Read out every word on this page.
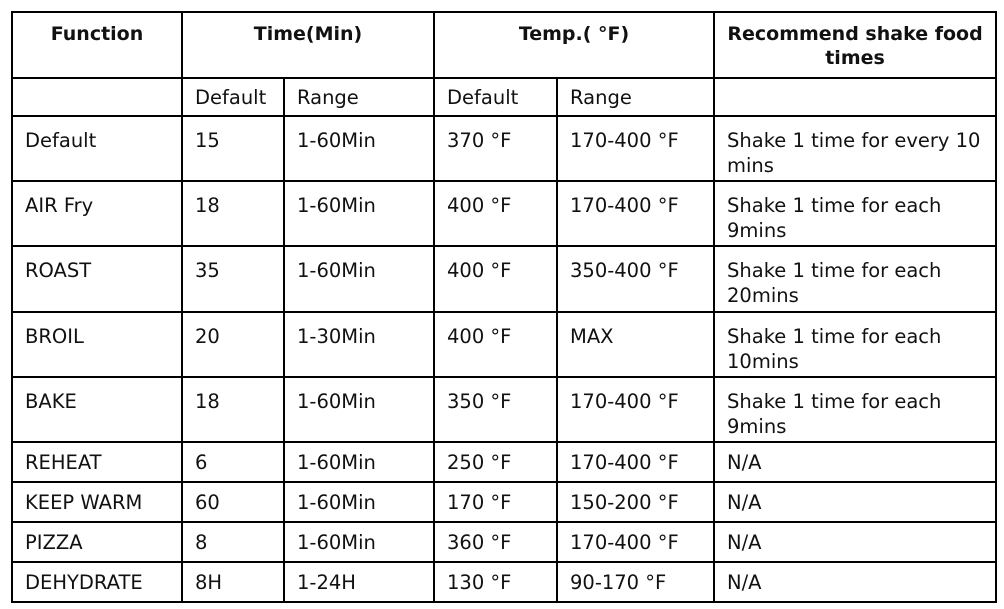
Function	Time(Min)		Temp.( °F)		Recommend shake food times
	Default	Range	Default	Range	
Default	15	1-60Min	370 °F	170-400 °F	Shake 1 time for every 10 mins
AIR Fry	18	1-60Min	400 °F	170-400 °F	Shake 1 time for each 9mins
ROAST	35	1-60Min	400 °F	350-400 °F	Shake 1 time for each 20mins
BROIL	20	1-30Min	400 °F	MAX	Shake 1 time for each 10mins
BAKE	18	1-60Min	350 °F	170-400 °F	Shake 1 time for each 9mins
REHEAT	6	1-60Min	250 °F	170-400 °F	N/A
KEEP WARM	60	1-60Min	170 °F	150-200 °F	N/A
PIZZA	8	1-60Min	360 °F	170-400 °F	N/A
DEHYDRATE	8H	1-24H	130 °F	90-170 °F	N/A
